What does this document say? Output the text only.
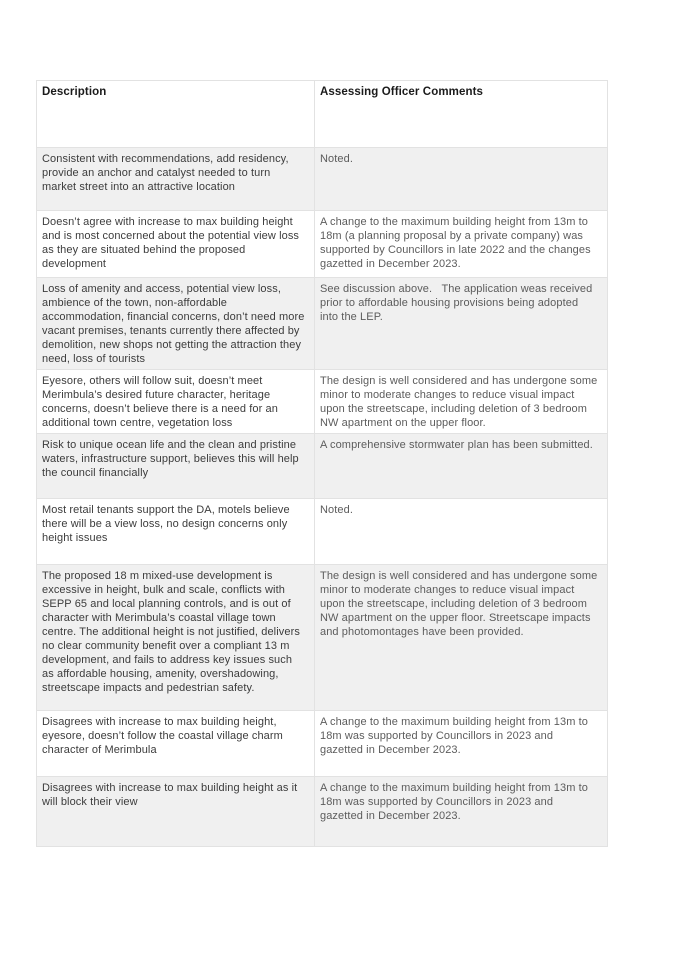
Description	Assessing Officer Comments
Consistent with recommendations, add residency, provide an anchor and catalyst needed to turn market street into an attractive location	Noted.
Doesn’t agree with increase to max building height and is most concerned about the potential view loss as they are situated behind the proposed development	A change to the maximum building height from 13m to 18m (a planning proposal by a private company) was supported by Councillors in late 2022 and the changes gazetted in December 2023.
Loss of amenity and access, potential view loss, ambience of the town, non-affordable accommodation, financial concerns, don’t need more vacant premises, tenants currently there affected by demolition, new shops not getting the attraction they need, loss of tourists	See discussion above.   The application weas received prior to affordable housing provisions being adopted into the LEP.
Eyesore, others will follow suit, doesn’t meet Merimbula’s desired future character, heritage concerns, doesn’t believe there is a need for an additional town centre, vegetation loss	The design is well considered and has undergone some minor to moderate changes to reduce visual impact upon the streetscape, including deletion of 3 bedroom NW apartment on the upper floor.
Risk to unique ocean life and the clean and pristine waters, infrastructure support, believes this will help the council financially	A comprehensive stormwater plan has been submitted.
Most retail tenants support the DA, motels believe there will be a view loss, no design concerns only height issues	Noted.
The proposed 18 m mixed-use development is excessive in height, bulk and scale, conflicts with SEPP 65 and local planning controls, and is out of character with Merimbula’s coastal village town centre. The additional height is not justified, delivers no clear community benefit over a compliant 13 m development, and fails to address key issues such as affordable housing, amenity, overshadowing, streetscape impacts and pedestrian safety.	The design is well considered and has undergone some minor to moderate changes to reduce visual impact upon the streetscape, including deletion of 3 bedroom NW apartment on the upper floor. Streetscape impacts and photomontages have been provided.
Disagrees with increase to max building height, eyesore, doesn’t follow the coastal village charm character of Merimbula	A change to the maximum building height from 13m to 18m was supported by Councillors in 2023 and gazetted in December 2023.
Disagrees with increase to max building height as it will block their view	A change to the maximum building height from 13m to 18m was supported by Councillors in 2023 and gazetted in December 2023.
